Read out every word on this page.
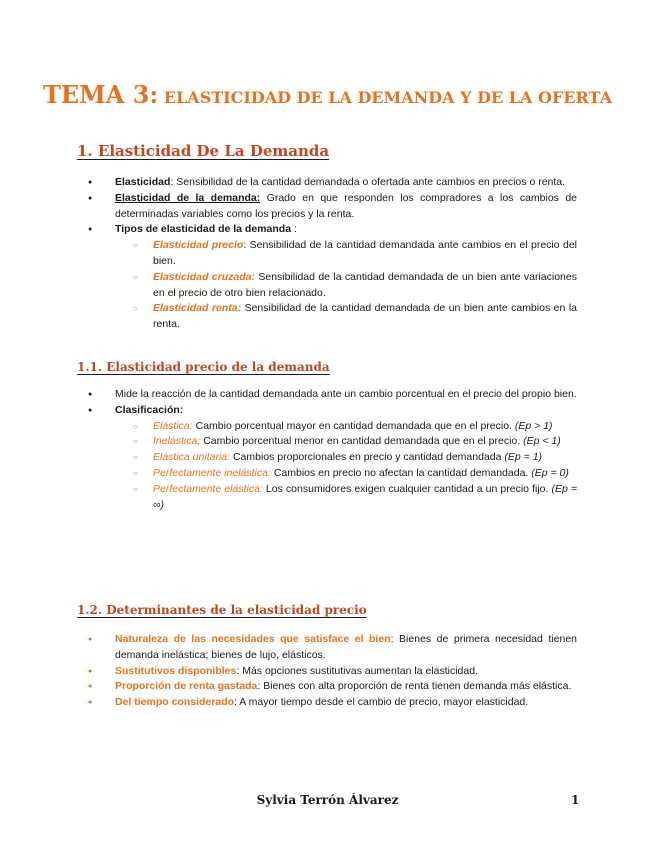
TEMA 3: ELASTICIDAD DE LA DEMANDA Y DE LA OFERTA
1. Elasticidad De La Demanda
● Elasticidad: Sensibilidad de la cantidad demandada o ofertada ante cambios en precios o renta.
● Elasticidad de la demanda: Grado en que responden los compradores a los cambios de determinadas variables como los precios y la renta.
● Tipos de elasticidad de la demanda :
○ Elasticidad precio: Sensibilidad de la cantidad demandada ante cambios en el precio del bien.
○ Elasticidad cruzada: Sensibilidad de la cantidad demandada de un bien ante variaciones en el precio de otro bien relacionado.
○ Elasticidad renta: Sensibilidad de la cantidad demandada de un bien ante cambios en la renta.
1.1. Elasticidad precio de la demanda
● Mide la reacción de la cantidad demandada ante un cambio porcentual en el precio del propio bien.
● Clasificación:
○ Elástica: Cambio porcentual mayor en cantidad demandada que en el precio. (Ep > 1)
○ Inelástica: Cambio porcentual menor en cantidad demandada que en el precio. (Ep < 1)
○ Elástica unitaria: Cambios proporcionales en precio y cantidad demandada (Ep = 1)
○ Perfectamente inelástica: Cambios en precio no afectan la cantidad demandada. (Ep = 0)
○ Perfectamente elástica: Los consumidores exigen cualquier cantidad a un precio fijo. (Ep = ∞)
1.2. Determinantes de la elasticidad precio
● Naturaleza de las necesidades que satisface el bien: Bienes de primera necesidad tienen demanda inelástica; bienes de lujo, elásticos.
● Sustitutivos disponibles: Más opciones sustitutivas aumentan la elasticidad.
● Proporción de renta gastada: Bienes con alta proporción de renta tienen demanda más elástica.
● Del tiempo considerado: A mayor tiempo desde el cambio de precio, mayor elasticidad.
Sylvia Terrón Álvarez	1
